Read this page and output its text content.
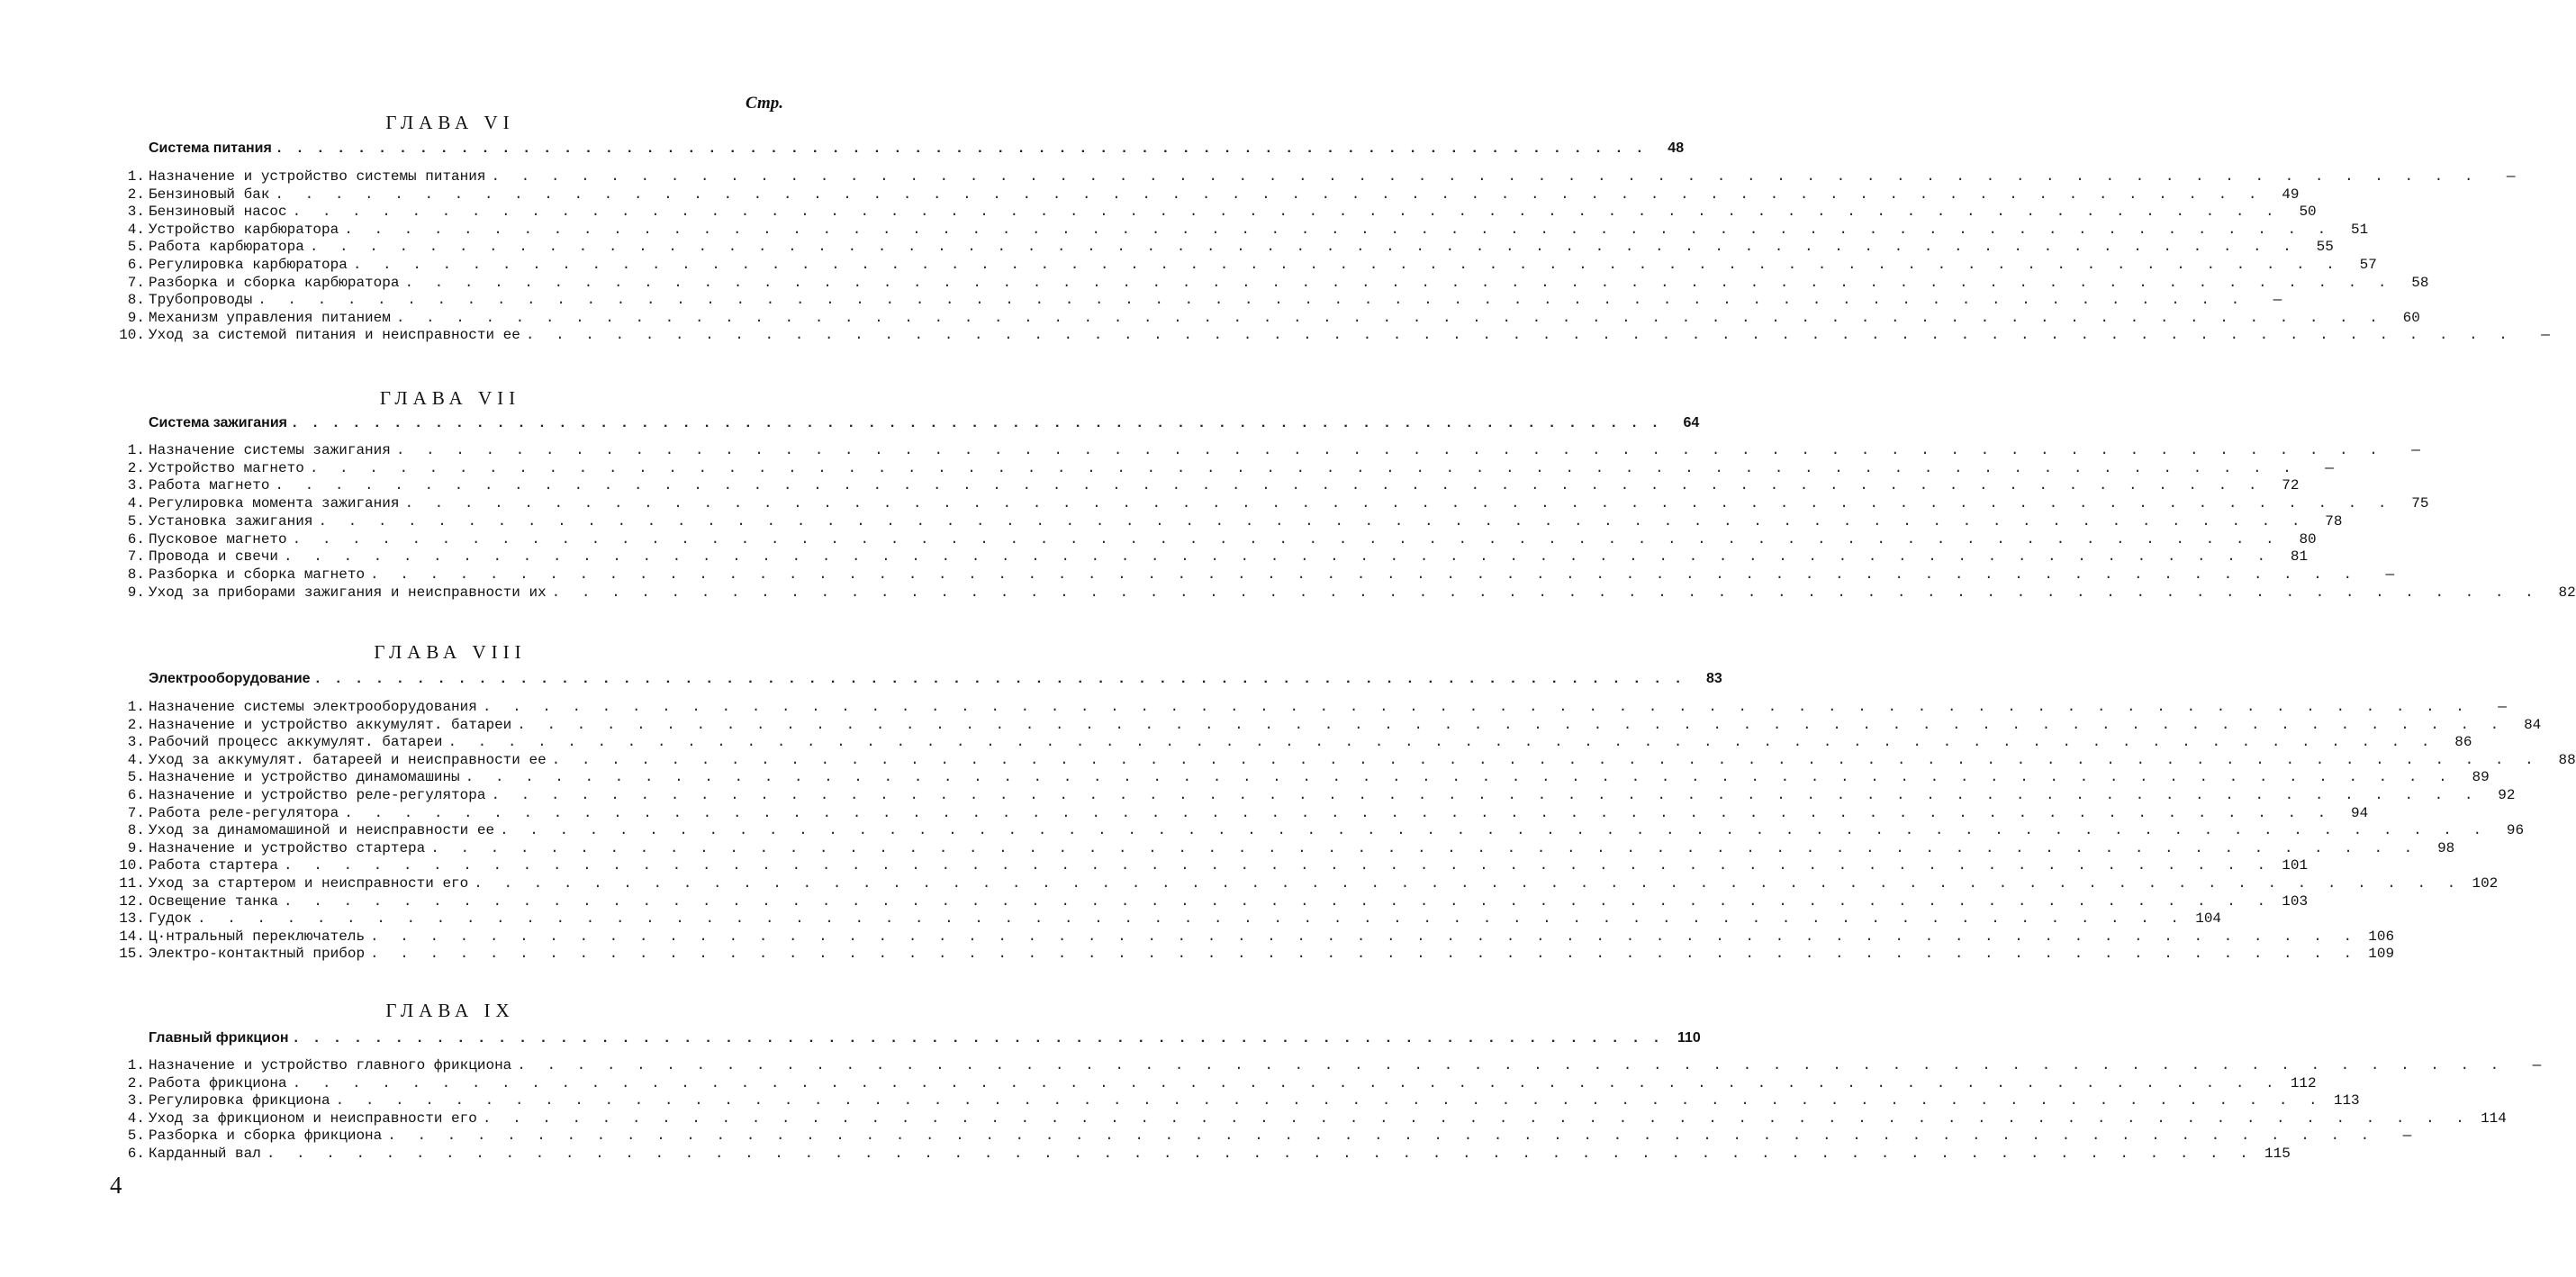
Стр.
ГЛАВА VI
Система питания . . . . . . . . . . . . . . . . . . . . . . . . . . . . . . . . . . . . . . . . . . . . . . . . . . . . . . . . . . . . . . . . . . .	48
1. Назначение и устройство системы питания . . . . . . . . . . . . . . . . . . . . . . . . . . . . . . . . . . . . . . . . . . . . . . . . . . . . . . . . . . . . . . . . . . .	—
2. Бензиновый бак . . . . . . . . . . . . . . . . . . . . . . . . . . . . . . . . . . . . . . . . . . . . . . . . . . . . . . . . . . . . . . . . . . .	49
3. Бензиновый насос . . . . . . . . . . . . . . . . . . . . . . . . . . . . . . . . . . . . . . . . . . . . . . . . . . . . . . . . . . . . . . . . . . .	50
4. Устройство карбюратора . . . . . . . . . . . . . . . . . . . . . . . . . . . . . . . . . . . . . . . . . . . . . . . . . . . . . . . . . . . . . . . . . . .	51
5. Работа карбюратора . . . . . . . . . . . . . . . . . . . . . . . . . . . . . . . . . . . . . . . . . . . . . . . . . . . . . . . . . . . . . . . . . . .	55
6. Регулировка карбюратора . . . . . . . . . . . . . . . . . . . . . . . . . . . . . . . . . . . . . . . . . . . . . . . . . . . . . . . . . . . . . . . . . . .	57
7. Разборка и сборка карбюратора . . . . . . . . . . . . . . . . . . . . . . . . . . . . . . . . . . . . . . . . . . . . . . . . . . . . . . . . . . . . . . . . . . .	58
8. Трубопроводы . . . . . . . . . . . . . . . . . . . . . . . . . . . . . . . . . . . . . . . . . . . . . . . . . . . . . . . . . . . . . . . . . . .	—
9. Механизм управления питанием . . . . . . . . . . . . . . . . . . . . . . . . . . . . . . . . . . . . . . . . . . . . . . . . . . . . . . . . . . . . . . . . . . .	60
10. Уход за системой питания и неисправности ее . . . . . . . . . . . . . . . . . . . . . . . . . . . . . . . . . . . . . . . . . . . . . . . . . . . . . . . . . . . . . . . . . . .	—
ГЛАВА VII
Система зажигания . . . . . . . . . . . . . . . . . . . . . . . . . . . . . . . . . . . . . . . . . . . . . . . . . . . . . . . . . . . . . . . . . . .	64
1. Назначение системы зажигания . . . . . . . . . . . . . . . . . . . . . . . . . . . . . . . . . . . . . . . . . . . . . . . . . . . . . . . . . . . . . . . . . . .	—
2. Устройство магнето . . . . . . . . . . . . . . . . . . . . . . . . . . . . . . . . . . . . . . . . . . . . . . . . . . . . . . . . . . . . . . . . . . .	—
3. Работа магнето . . . . . . . . . . . . . . . . . . . . . . . . . . . . . . . . . . . . . . . . . . . . . . . . . . . . . . . . . . . . . . . . . . .	72
4. Регулировка момента зажигания . . . . . . . . . . . . . . . . . . . . . . . . . . . . . . . . . . . . . . . . . . . . . . . . . . . . . . . . . . . . . . . . . . .	75
5. Установка зажигания . . . . . . . . . . . . . . . . . . . . . . . . . . . . . . . . . . . . . . . . . . . . . . . . . . . . . . . . . . . . . . . . . . .	78
6. Пусковое магнето . . . . . . . . . . . . . . . . . . . . . . . . . . . . . . . . . . . . . . . . . . . . . . . . . . . . . . . . . . . . . . . . . . .	80
7. Провода и свечи . . . . . . . . . . . . . . . . . . . . . . . . . . . . . . . . . . . . . . . . . . . . . . . . . . . . . . . . . . . . . . . . . . .	81
8. Разборка и сборка магнето . . . . . . . . . . . . . . . . . . . . . . . . . . . . . . . . . . . . . . . . . . . . . . . . . . . . . . . . . . . . . . . . . . .	—
9. Уход за приборами зажигания и неисправности их . . . . . . . . . . . . . . . . . . . . . . . . . . . . . . . . . . . . . . . . . . . . . . . . . . . . . . . . . . . . . . . . . . .	82
ГЛАВА VIII
Электрооборудование . . . . . . . . . . . . . . . . . . . . . . . . . . . . . . . . . . . . . . . . . . . . . . . . . . . . . . . . . . . . . . . . . . .	83
1. Назначение системы электрооборудования . . . . . . . . . . . . . . . . . . . . . . . . . . . . . . . . . . . . . . . . . . . . . . . . . . . . . . . . . . . . . . . . . . .	—
2. Назначение и устройство аккумулят. батареи . . . . . . . . . . . . . . . . . . . . . . . . . . . . . . . . . . . . . . . . . . . . . . . . . . . . . . . . . . . . . . . . . . .	84
3. Рабочий процесс аккумулят. батареи . . . . . . . . . . . . . . . . . . . . . . . . . . . . . . . . . . . . . . . . . . . . . . . . . . . . . . . . . . . . . . . . . . .	86
4. Уход за аккумулят. батареей и неисправности ее . . . . . . . . . . . . . . . . . . . . . . . . . . . . . . . . . . . . . . . . . . . . . . . . . . . . . . . . . . . . . . . . . . .	88
5. Назначение и устройство динамомашины . . . . . . . . . . . . . . . . . . . . . . . . . . . . . . . . . . . . . . . . . . . . . . . . . . . . . . . . . . . . . . . . . . .	89
6. Назначение и устройство реле-регулятора . . . . . . . . . . . . . . . . . . . . . . . . . . . . . . . . . . . . . . . . . . . . . . . . . . . . . . . . . . . . . . . . . . .	92
7. Работа реле-регулятора . . . . . . . . . . . . . . . . . . . . . . . . . . . . . . . . . . . . . . . . . . . . . . . . . . . . . . . . . . . . . . . . . . .	94
8. Уход за динамомашиной и неисправности ее . . . . . . . . . . . . . . . . . . . . . . . . . . . . . . . . . . . . . . . . . . . . . . . . . . . . . . . . . . . . . . . . . . .	96
9. Назначение и устройство стартера . . . . . . . . . . . . . . . . . . . . . . . . . . . . . . . . . . . . . . . . . . . . . . . . . . . . . . . . . . . . . . . . . . .	98
10. Работа стартера . . . . . . . . . . . . . . . . . . . . . . . . . . . . . . . . . . . . . . . . . . . . . . . . . . . . . . . . . . . . . . . . . . . 101
11. Уход за стартером и неисправности его . . . . . . . . . . . . . . . . . . . . . . . . . . . . . . . . . . . . . . . . . . . . . . . . . . . . . . . . . . . . . . . . . . . 102
12. Освещение танка . . . . . . . . . . . . . . . . . . . . . . . . . . . . . . . . . . . . . . . . . . . . . . . . . . . . . . . . . . . . . . . . . . . 103
13. Гудок . . . . . . . . . . . . . . . . . . . . . . . . . . . . . . . . . . . . . . . . . . . . . . . . . . . . . . . . . . . . . . . . . . . 104
14. Ц·нтральный переключатель . . . . . . . . . . . . . . . . . . . . . . . . . . . . . . . . . . . . . . . . . . . . . . . . . . . . . . . . . . . . . . . . . . . 106
15. Электро-контактный прибор . . . . . . . . . . . . . . . . . . . . . . . . . . . . . . . . . . . . . . . . . . . . . . . . . . . . . . . . . . . . . . . . . . . 109
ГЛАВА IX
Главный фрикцион . . . . . . . . . . . . . . . . . . . . . . . . . . . . . . . . . . . . . . . . . . . . . . . . . . . . . . . . . . . . . . . . . . . 110
1. Назначение и устройство главного фрикциона . . . . . . . . . . . . . . . . . . . . . . . . . . . . . . . . . . . . . . . . . . . . . . . . . . . . . . . . . . . . . . . . . . .	—
2. Работа фрикциона . . . . . . . . . . . . . . . . . . . . . . . . . . . . . . . . . . . . . . . . . . . . . . . . . . . . . . . . . . . . . . . . . . . 112
3. Регулировка фрикциона . . . . . . . . . . . . . . . . . . . . . . . . . . . . . . . . . . . . . . . . . . . . . . . . . . . . . . . . . . . . . . . . . . . 113
4. Уход за фрикционом и неисправности его . . . . . . . . . . . . . . . . . . . . . . . . . . . . . . . . . . . . . . . . . . . . . . . . . . . . . . . . . . . . . . . . . . . 114
5. Разборка и сборка фрикциона . . . . . . . . . . . . . . . . . . . . . . . . . . . . . . . . . . . . . . . . . . . . . . . . . . . . . . . . . . . . . . . . . . .	—
6. Карданный вал . . . . . . . . . . . . . . . . . . . . . . . . . . . . . . . . . . . . . . . . . . . . . . . . . . . . . . . . . . . . . . . . . . . 115
4
